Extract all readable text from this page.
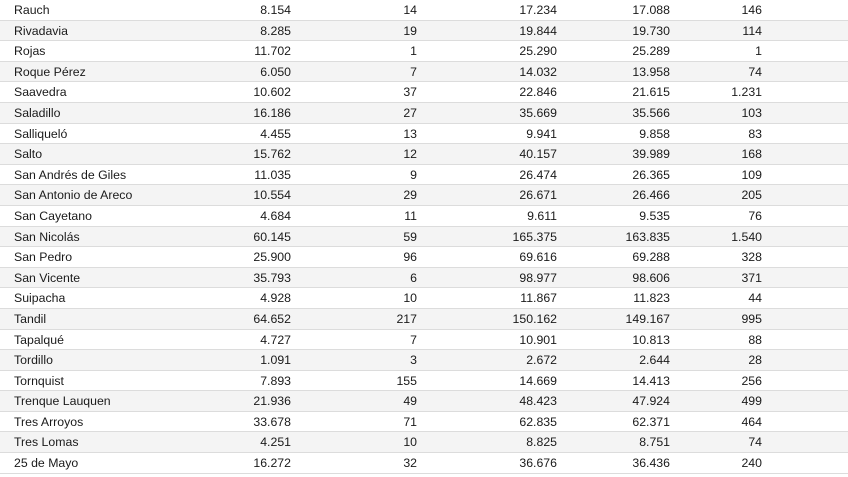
Rauch	8.154	14	17.234	17.088	146
Rivadavia	8.285	19	19.844	19.730	114
Rojas	11.702	1	25.290	25.289	1
Roque Pérez	6.050	7	14.032	13.958	74
Saavedra	10.602	37	22.846	21.615	1.231
Saladillo	16.186	27	35.669	35.566	103
Salliqueló	4.455	13	9.941	9.858	83
Salto	15.762	12	40.157	39.989	168
San Andrés de Giles	11.035	9	26.474	26.365	109
San Antonio de Areco	10.554	29	26.671	26.466	205
San Cayetano	4.684	11	9.611	9.535	76
San Nicolás	60.145	59	165.375	163.835	1.540
San Pedro	25.900	96	69.616	69.288	328
San Vicente	35.793	6	98.977	98.606	371
Suipacha	4.928	10	11.867	11.823	44
Tandil	64.652	217	150.162	149.167	995
Tapalqué	4.727	7	10.901	10.813	88
Tordillo	1.091	3	2.672	2.644	28
Tornquist	7.893	155	14.669	14.413	256
Trenque Lauquen	21.936	49	48.423	47.924	499
Tres Arroyos	33.678	71	62.835	62.371	464
Tres Lomas	4.251	10	8.825	8.751	74
25 de Mayo	16.272	32	36.676	36.436	240
